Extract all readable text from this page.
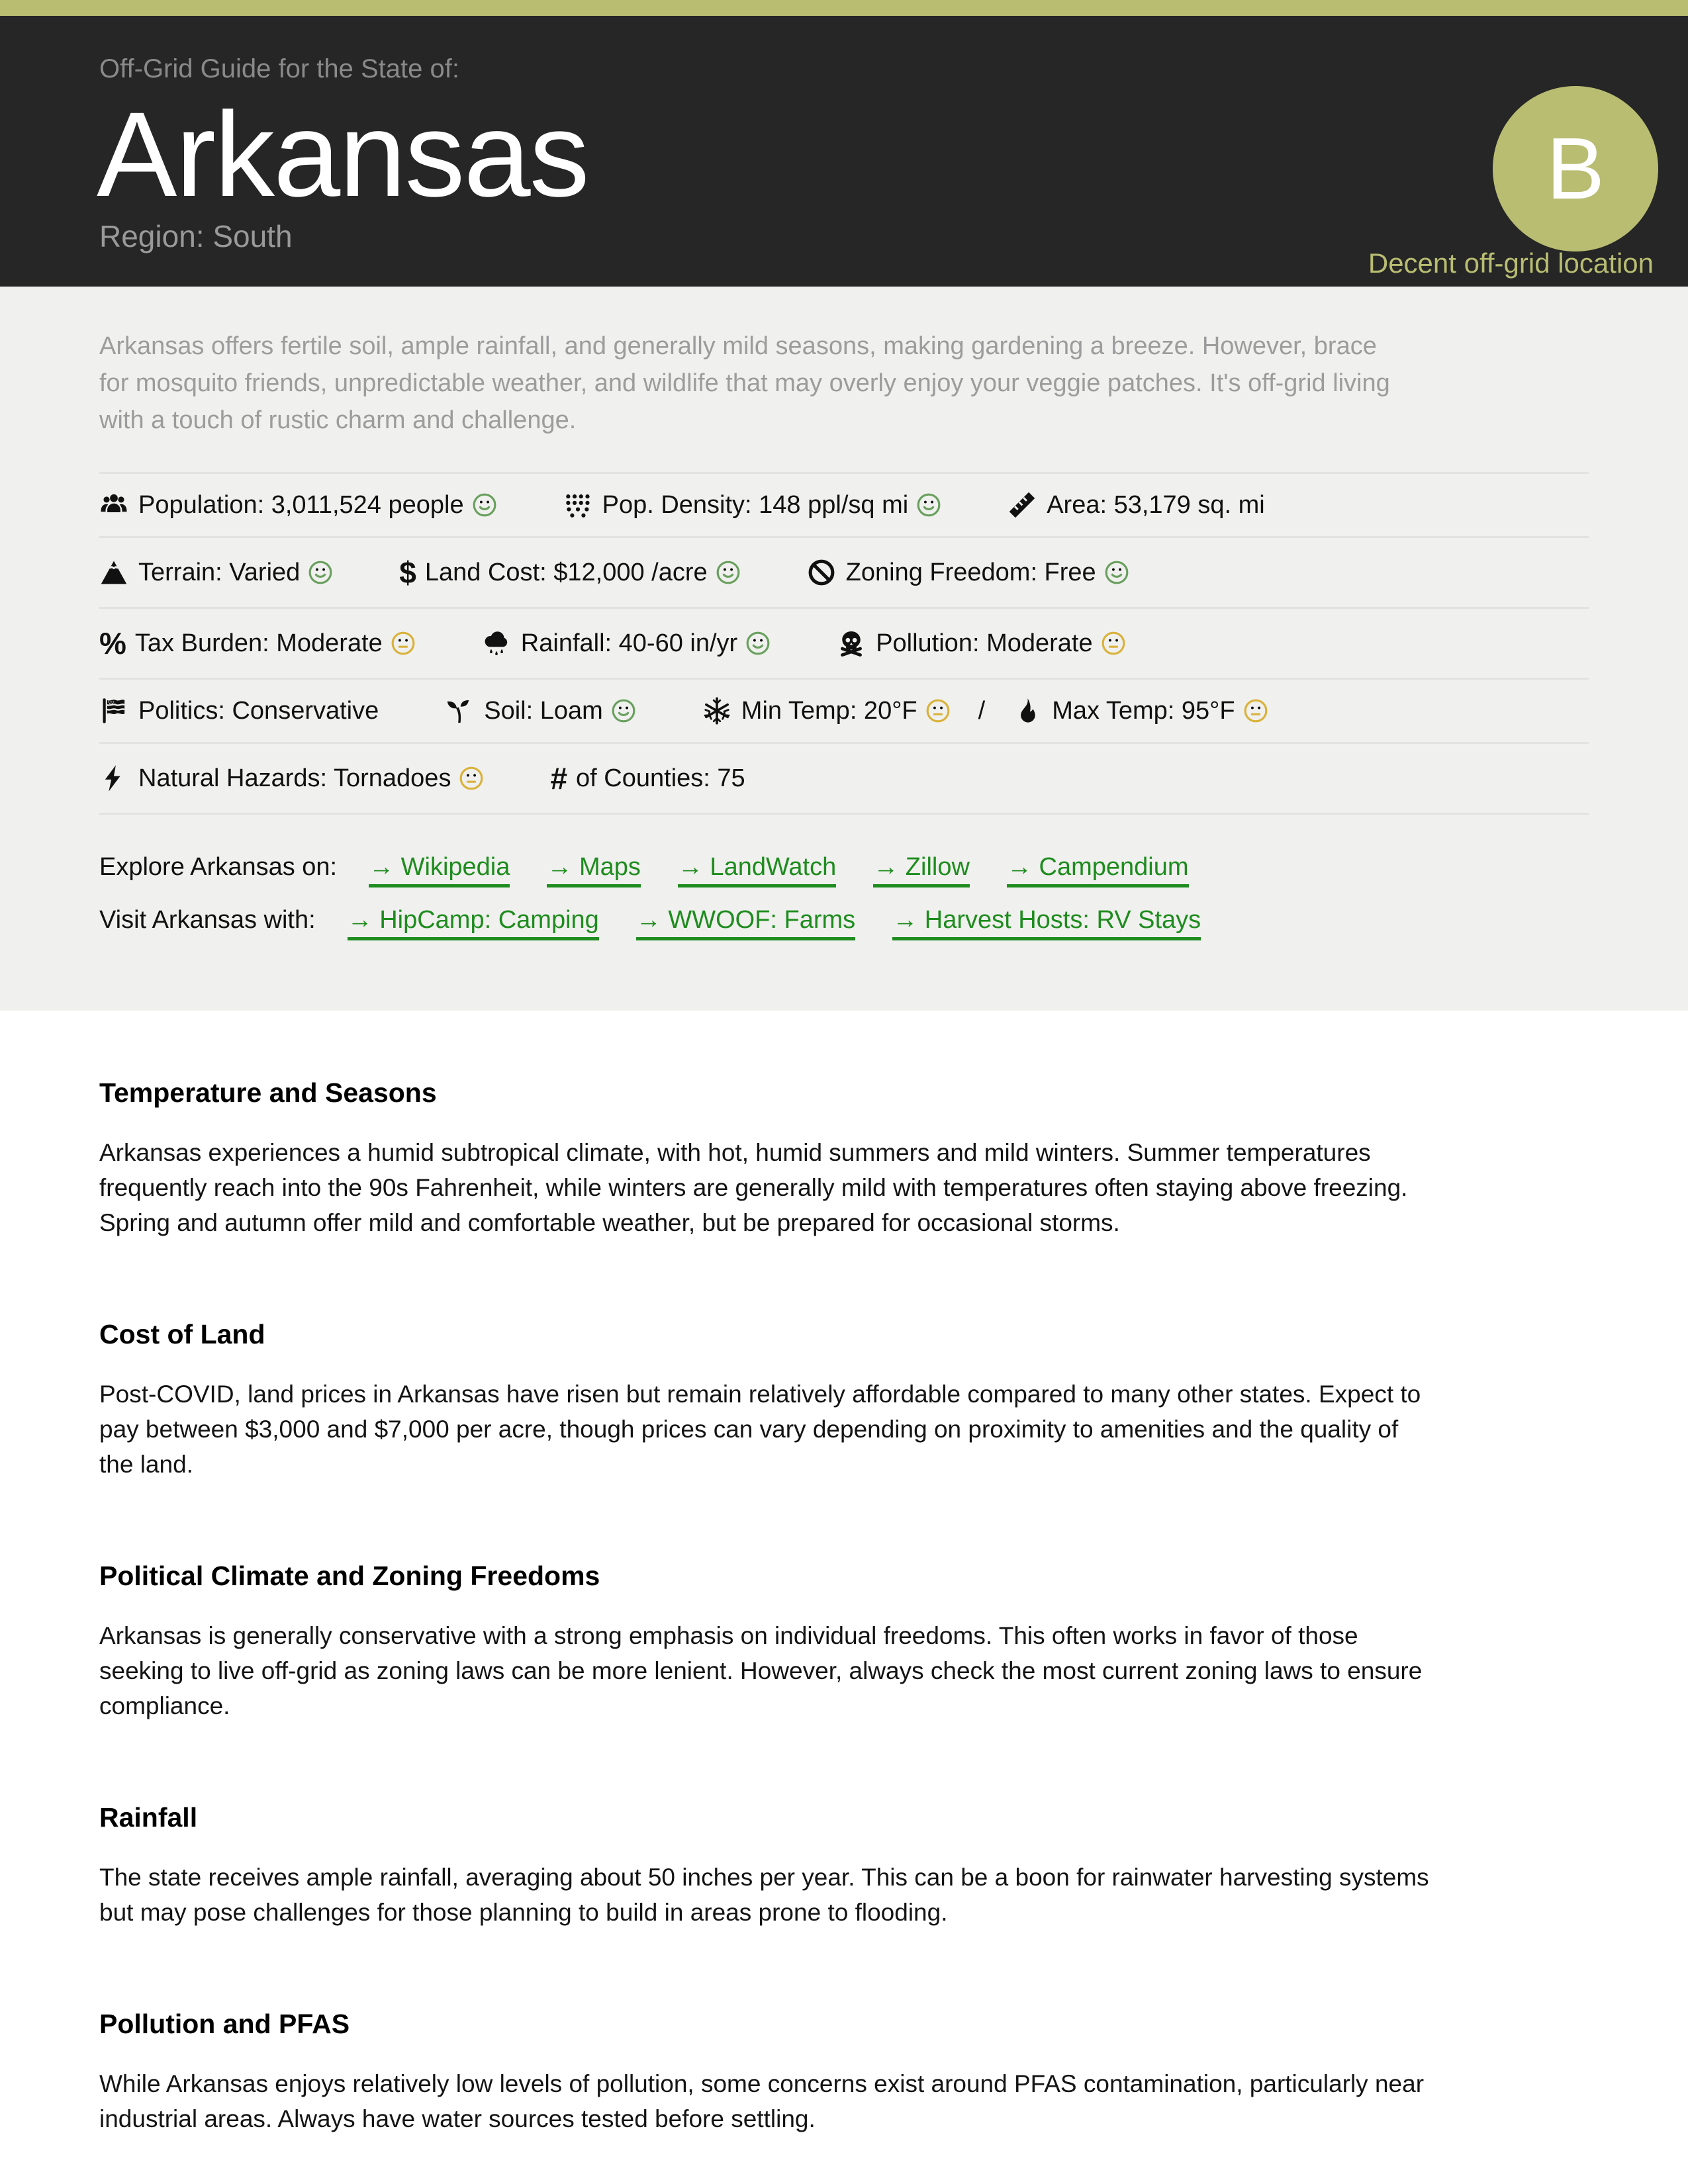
Off-Grid Guide for the State of:
Arkansas
Region: South
B
Decent off-grid location

Arkansas offers fertile soil, ample rainfall, and generally mild seasons, making gardening a breeze. However, brace for mosquito friends, unpredictable weather, and wildlife that may overly enjoy your veggie patches. It's off-grid living with a touch of rustic charm and challenge.

Population: 3,011,524 people	Pop. Density: 148 ppl/sq mi	Area: 53,179 sq. mi
Terrain: Varied	$ Land Cost: $12,000 /acre	Zoning Freedom: Free
% Tax Burden: Moderate	Rainfall: 40-60 in/yr	Pollution: Moderate
Politics: Conservative	Soil: Loam	Min Temp: 20°F /	Max Temp: 95°F
Natural Hazards: Tornadoes	# of Counties: 75
Explore Arkansas on: → Wikipedia → Maps → LandWatch → Zillow → Campendium
Visit Arkansas with: → HipCamp: Camping → WWOOF: Farms → Harvest Hosts: RV Stays
Temperature and Seasons

Arkansas experiences a humid subtropical climate, with hot, humid summers and mild winters. Summer temperatures frequently reach into the 90s Fahrenheit, while winters are generally mild with temperatures often staying above freezing. Spring and autumn offer mild and comfortable weather, but be prepared for occasional storms.

Cost of Land

Post-COVID, land prices in Arkansas have risen but remain relatively affordable compared to many other states. Expect to pay between $3,000 and $7,000 per acre, though prices can vary depending on proximity to amenities and the quality of the land.

Political Climate and Zoning Freedoms

Arkansas is generally conservative with a strong emphasis on individual freedoms. This often works in favor of those seeking to live off-grid as zoning laws can be more lenient. However, always check the most current zoning laws to ensure compliance.

Rainfall

The state receives ample rainfall, averaging about 50 inches per year. This can be a boon for rainwater harvesting systems but may pose challenges for those planning to build in areas prone to flooding.

Pollution and PFAS

While Arkansas enjoys relatively low levels of pollution, some concerns exist around PFAS contamination, particularly near industrial areas. Always have water sources tested before settling.
